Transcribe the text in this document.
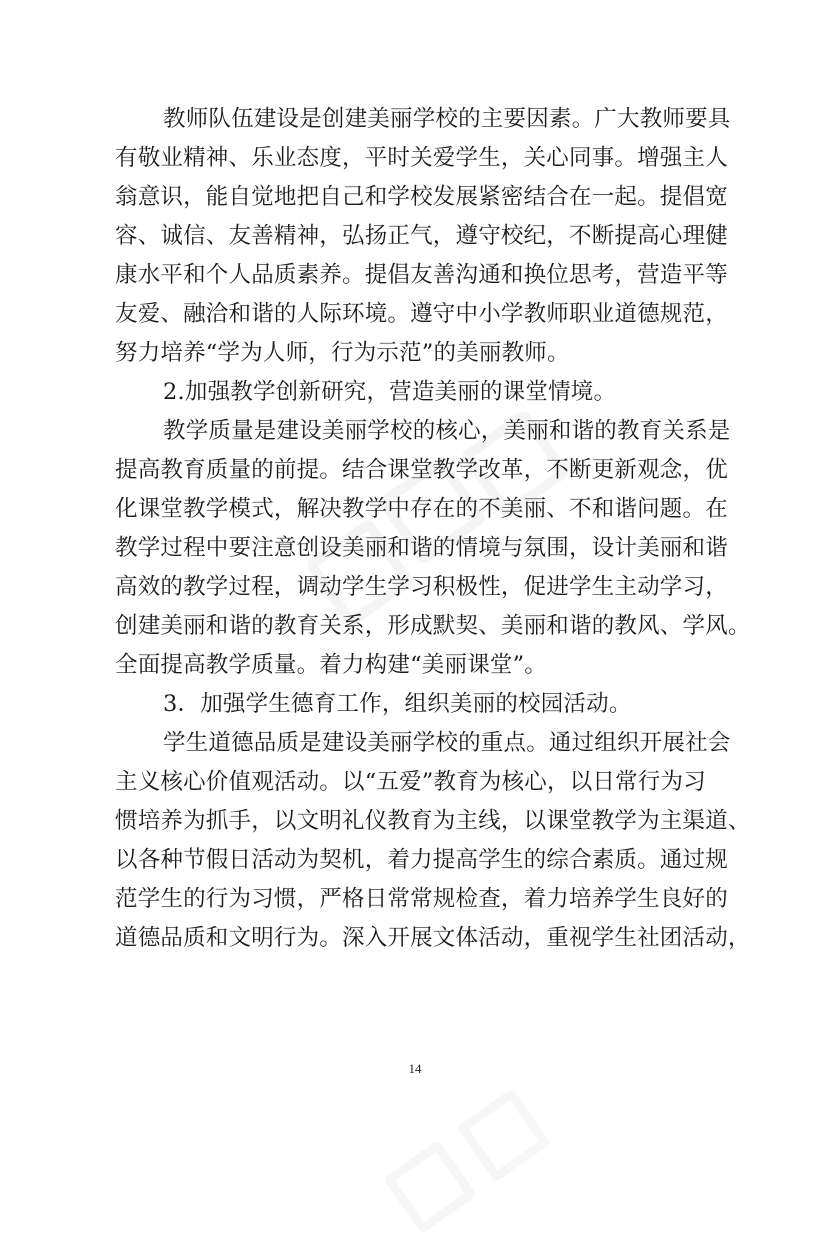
教师队伍建设是创建美丽学校的主要因素。广大教师要具
有敬业精神、乐业态度，平时关爱学生，关心同事。增强主人
翁意识，能自觉地把自己和学校发展紧密结合在一起。提倡宽
容、诚信、友善精神，弘扬正气，遵守校纪，不断提高心理健
康水平和个人品质素养。提倡友善沟通和换位思考，营造平等
友爱、融洽和谐的人际环境。遵守中小学教师职业道德规范，
努力培养“学为人师，行为示范”的美丽教师。
2.加强教学创新研究，营造美丽的课堂情境。
教学质量是建设美丽学校的核心，美丽和谐的教育关系是
提高教育质量的前提。结合课堂教学改革，不断更新观念，优
化课堂教学模式，解决教学中存在的不美丽、不和谐问题。在
教学过程中要注意创设美丽和谐的情境与氛围，设计美丽和谐
高效的教学过程，调动学生学习积极性，促进学生主动学习，
创建美丽和谐的教育关系，形成默契、美丽和谐的教风、学风。
全面提高教学质量。着力构建“美丽课堂”。
3．加强学生德育工作，组织美丽的校园活动。
学生道德品质是建设美丽学校的重点。通过组织开展社会
主义核心价值观活动。以“五爱”教育为核心，以日常行为习
惯培养为抓手，以文明礼仪教育为主线，以课堂教学为主渠道、
以各种节假日活动为契机，着力提高学生的综合素质。通过规
范学生的行为习惯，严格日常常规检查，着力培养学生良好的
道德品质和文明行为。深入开展文体活动，重视学生社团活动，
14
